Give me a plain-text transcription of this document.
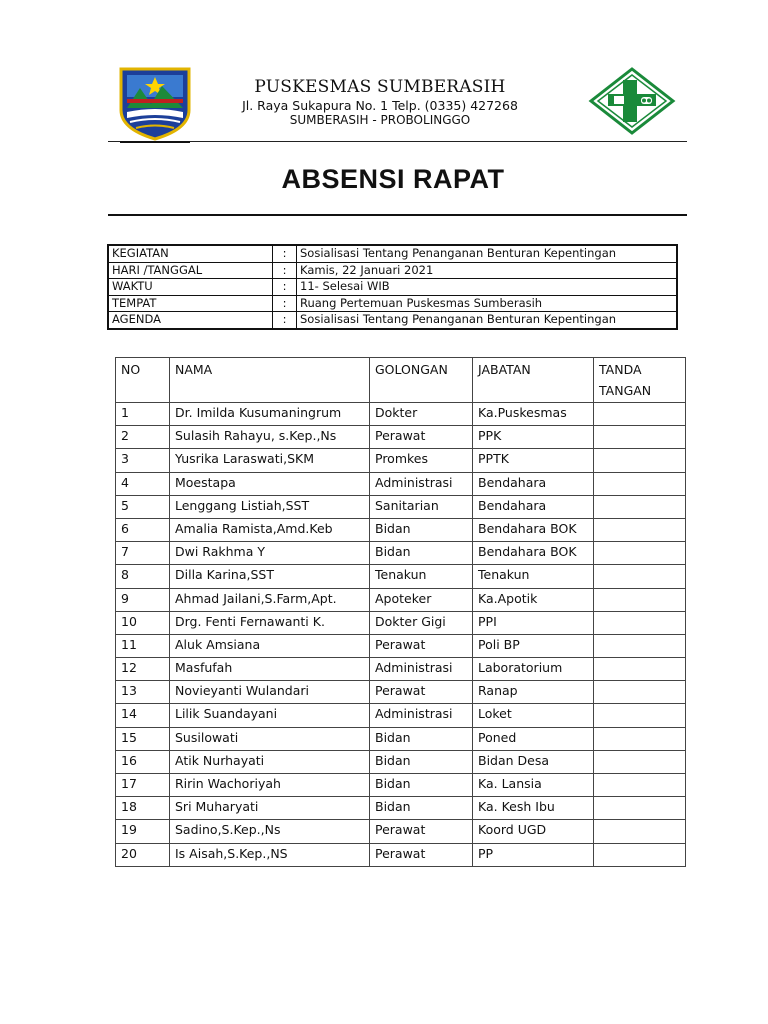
PUSKESMAS SUMBERASIH
Jl. Raya Sukapura No. 1 Telp. (0335) 427268
SUMBERASIH - PROBOLINGGO
ABSENSI RAPAT
KEGIATAN	:	Sosialisasi Tentang Penanganan Benturan Kepentingan
HARI /TANGGAL	:	Kamis, 22 Januari 2021
WAKTU	:	11- Selesai WIB
TEMPAT	:	Ruang Pertemuan Puskesmas Sumberasih
AGENDA	:	Sosialisasi Tentang Penanganan Benturan Kepentingan
NO	NAMA	GOLONGAN	JABATAN	TANDA
TANGAN
1	Dr. Imilda Kusumaningrum	Dokter	Ka.Puskesmas	
2	Sulasih Rahayu, s.Kep.,Ns	Perawat	PPK	
3	Yusrika Laraswati,SKM	Promkes	PPTK	
4	Moestapa	Administrasi	Bendahara	
5	Lenggang Listiah,SST	Sanitarian	Bendahara	
6	Amalia Ramista,Amd.Keb	Bidan	Bendahara BOK	
7	Dwi Rakhma Y	Bidan	Bendahara BOK	
8	Dilla Karina,SST	Tenakun	Tenakun	
9	Ahmad Jailani,S.Farm,Apt.	Apoteker	Ka.Apotik	
10	Drg. Fenti Fernawanti K.	Dokter Gigi	PPI	
11	Aluk Amsiana	Perawat	Poli BP	
12	Masfufah	Administrasi	Laboratorium	
13	Novieyanti Wulandari	Perawat	Ranap	
14	Lilik Suandayani	Administrasi	Loket	
15	Susilowati	Bidan	Poned	
16	Atik Nurhayati	Bidan	Bidan Desa	
17	Ririn Wachoriyah	Bidan	Ka. Lansia	
18	Sri Muharyati	Bidan	Ka. Kesh Ibu	
19	Sadino,S.Kep.,Ns	Perawat	Koord UGD	
20	Is Aisah,S.Kep.,NS	Perawat	PP	
